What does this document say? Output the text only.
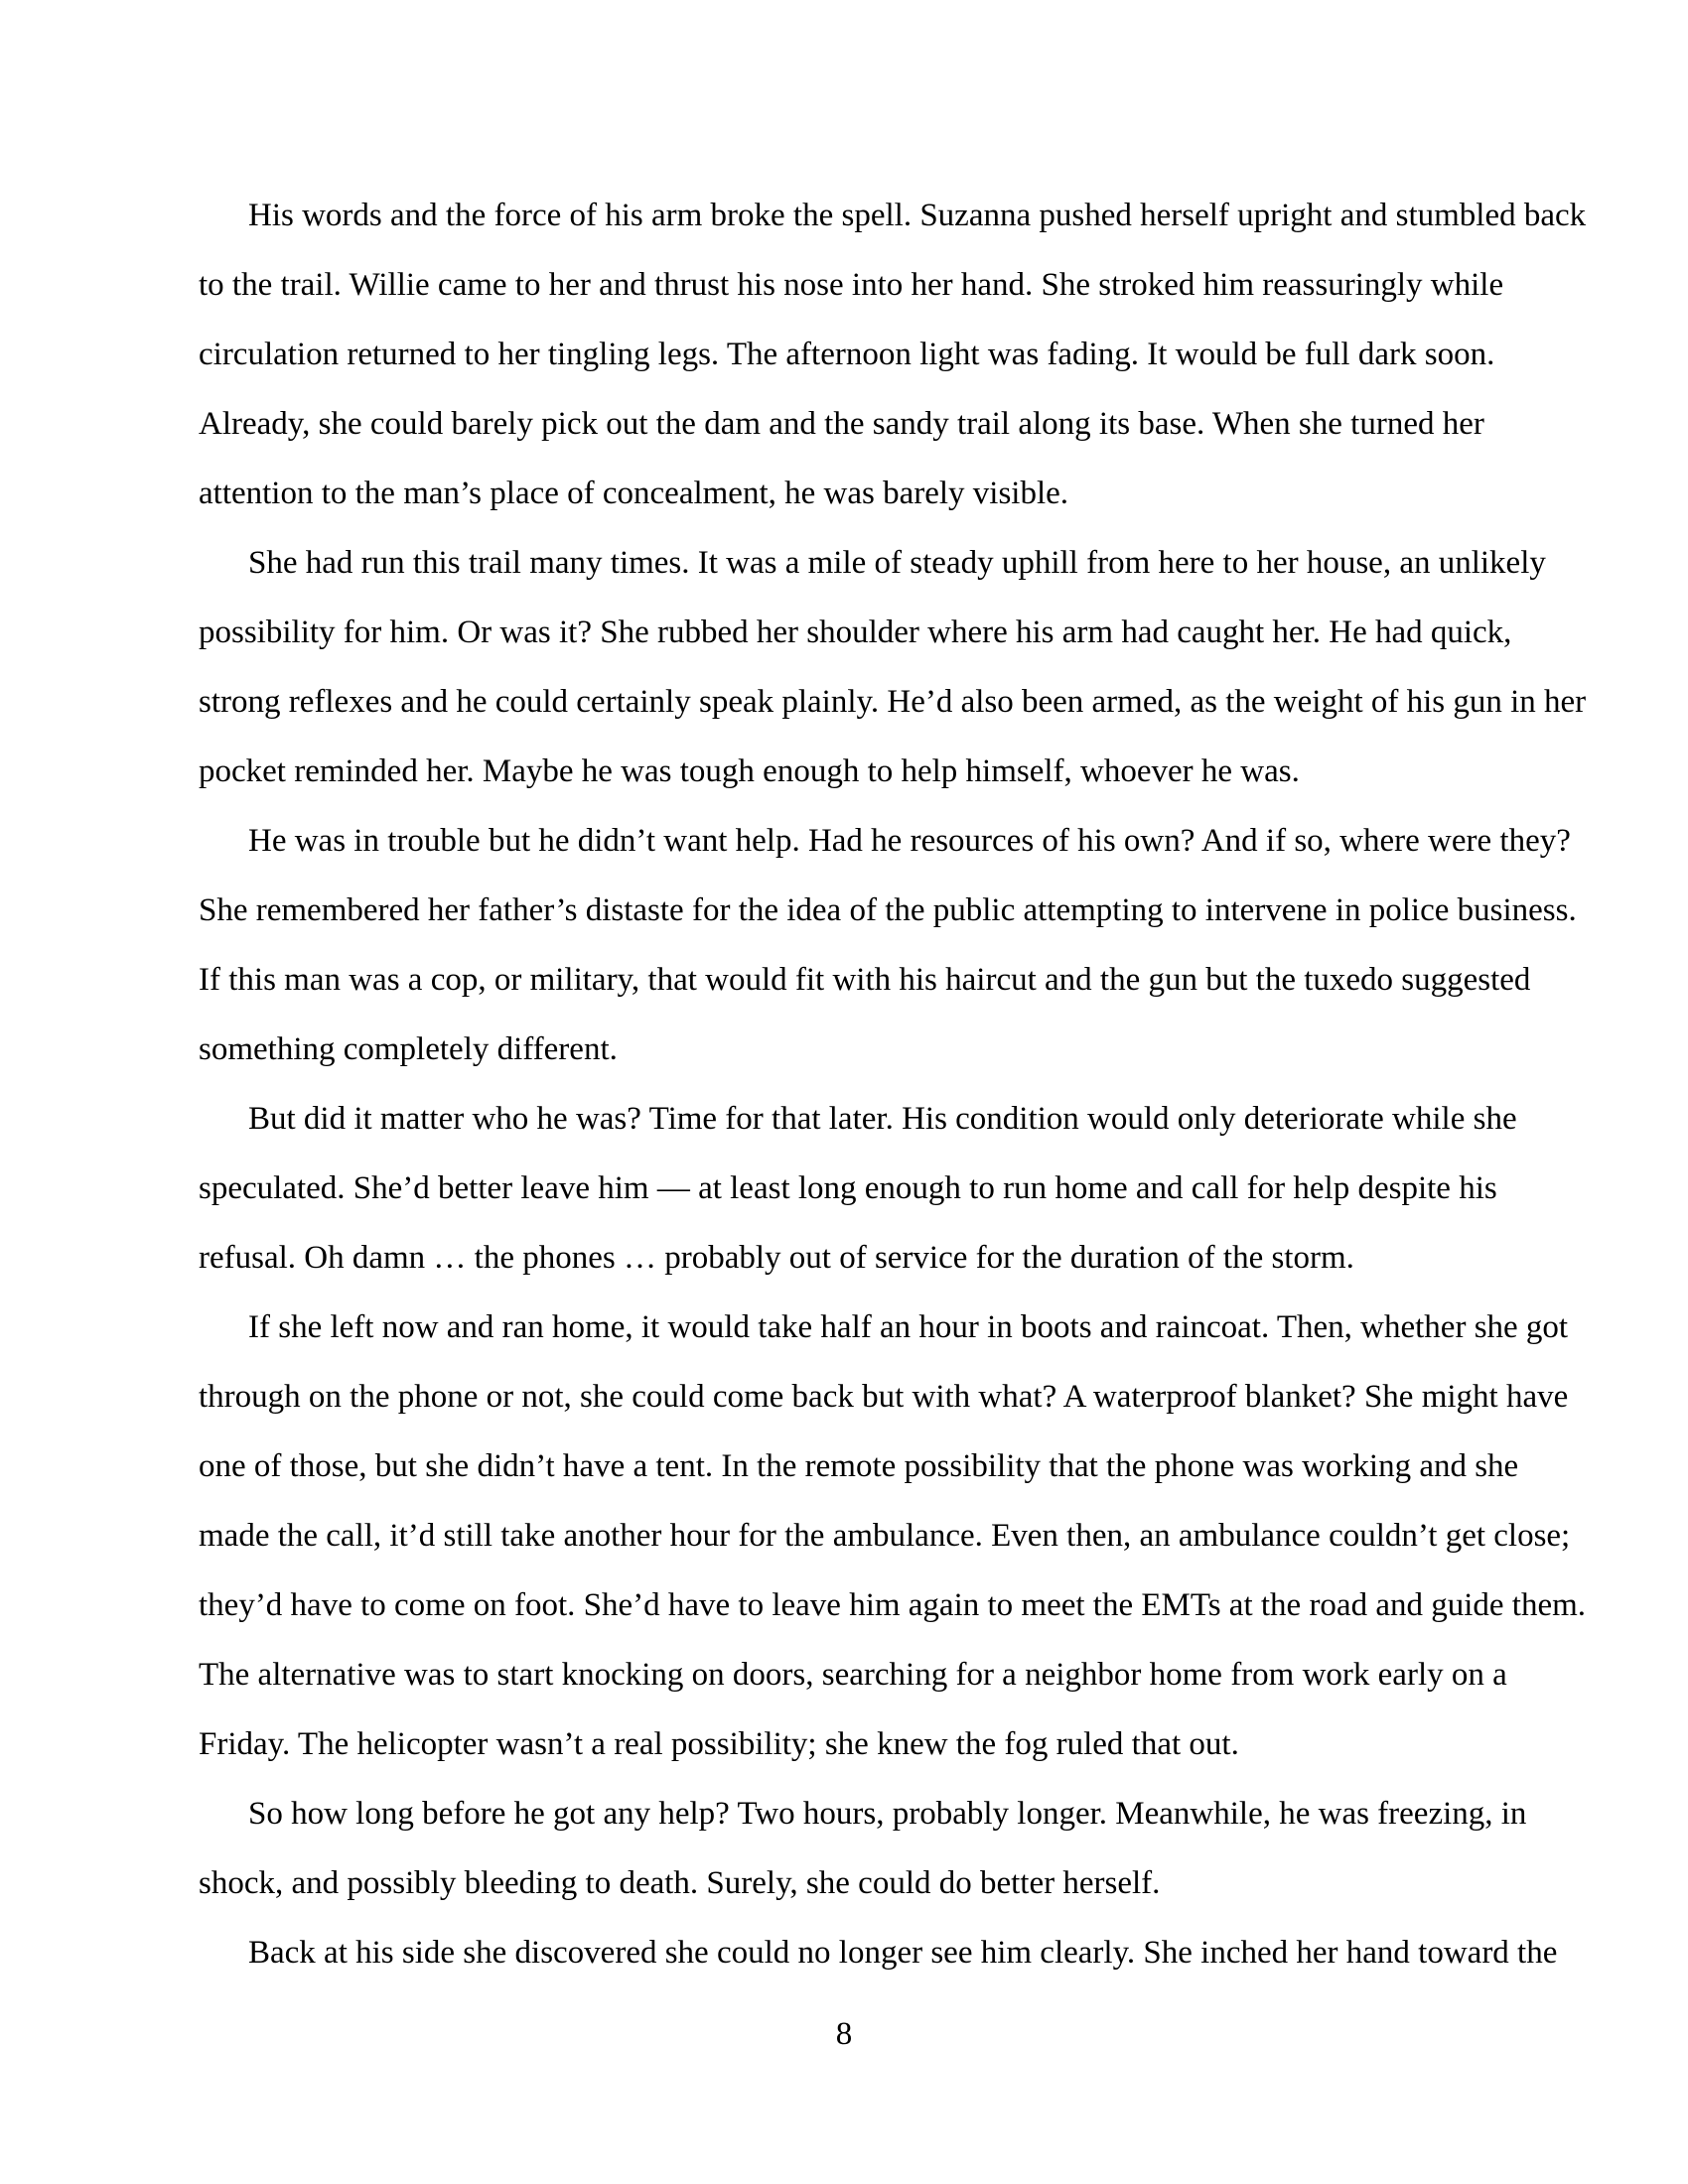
His words and the force of his arm broke the spell. Suzanna pushed herself upright and stumbled back
to the trail. Willie came to her and thrust his nose into her hand. She stroked him reassuringly while
circulation returned to her tingling legs. The afternoon light was fading. It would be full dark soon.
Already, she could barely pick out the dam and the sandy trail along its base. When she turned her
attention to the man’s place of concealment, he was barely visible.
She had run this trail many times. It was a mile of steady uphill from here to her house, an unlikely
possibility for him. Or was it? She rubbed her shoulder where his arm had caught her. He had quick,
strong reflexes and he could certainly speak plainly. He’d also been armed, as the weight of his gun in her
pocket reminded her. Maybe he was tough enough to help himself, whoever he was.
He was in trouble but he didn’t want help. Had he resources of his own? And if so, where were they?
She remembered her father’s distaste for the idea of the public attempting to intervene in police business.
If this man was a cop, or military, that would fit with his haircut and the gun but the tuxedo suggested
something completely different.
But did it matter who he was? Time for that later. His condition would only deteriorate while she
speculated. She’d better leave him — at least long enough to run home and call for help despite his
refusal. Oh damn … the phones … probably out of service for the duration of the storm.
If she left now and ran home, it would take half an hour in boots and raincoat. Then, whether she got
through on the phone or not, she could come back but with what? A waterproof blanket? She might have
one of those, but she didn’t have a tent. In the remote possibility that the phone was working and she
made the call, it’d still take another hour for the ambulance. Even then, an ambulance couldn’t get close;
they’d have to come on foot. She’d have to leave him again to meet the EMTs at the road and guide them.
The alternative was to start knocking on doors, searching for a neighbor home from work early on a
Friday. The helicopter wasn’t a real possibility; she knew the fog ruled that out.
So how long before he got any help? Two hours, probably longer. Meanwhile, he was freezing, in
shock, and possibly bleeding to death. Surely, she could do better herself.
Back at his side she discovered she could no longer see him clearly. She inched her hand toward the
8
